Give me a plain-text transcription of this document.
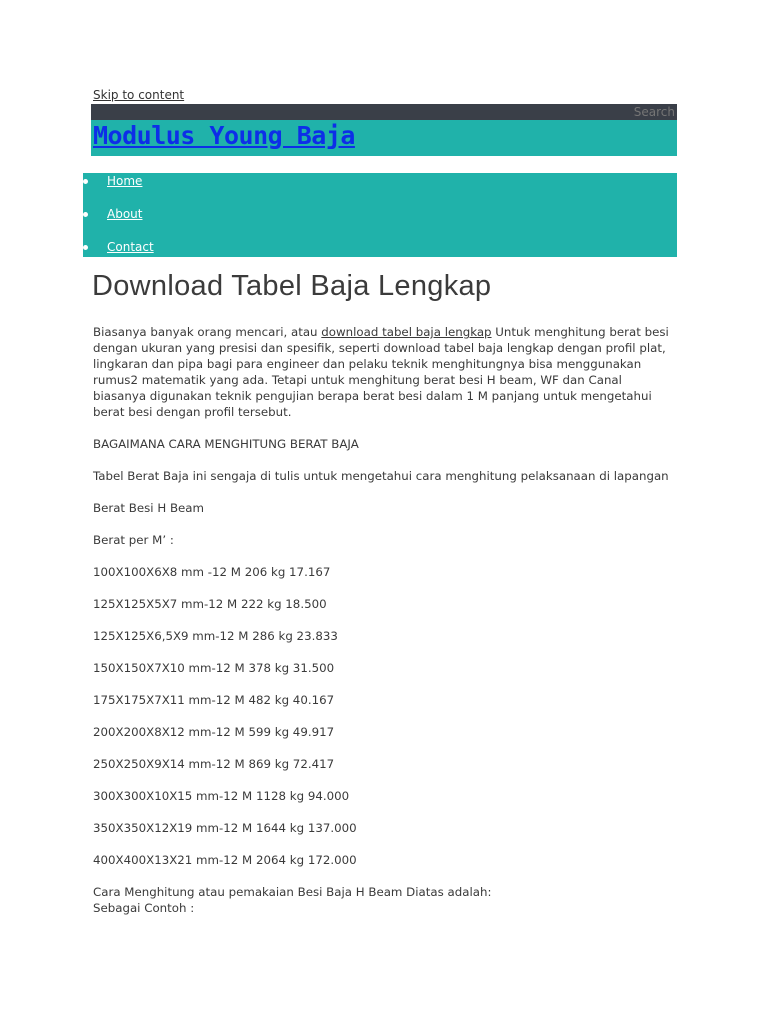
Skip to content
Search
Modulus Young Baja
Home
About
Contact
Download Tabel Baja Lengkap

Biasanya banyak orang mencari, atau download tabel baja lengkap Untuk menghitung berat besi dengan ukuran yang presisi dan spesifik, seperti download tabel baja lengkap dengan profil plat, lingkaran dan pipa bagi para engineer dan pelaku teknik menghitungnya bisa menggunakan rumus2 matematik yang ada. Tetapi untuk menghitung berat besi H beam, WF dan Canal biasanya digunakan teknik pengujian berapa berat besi dalam 1 M panjang untuk mengetahui berat besi dengan profil tersebut.

BAGAIMANA CARA MENGHITUNG BERAT BAJA

Tabel Berat Baja ini sengaja di tulis untuk mengetahui cara menghitung pelaksanaan di lapangan

Berat Besi H Beam

Berat per M’ :

100X100X6X8 mm -12 M 206 kg 17.167

125X125X5X7 mm-12 M 222 kg 18.500

125X125X6,5X9 mm-12 M 286 kg 23.833

150X150X7X10 mm-12 M 378 kg 31.500

175X175X7X11 mm-12 M 482 kg 40.167

200X200X8X12 mm-12 M 599 kg 49.917

250X250X9X14 mm-12 M 869 kg 72.417

300X300X10X15 mm-12 M 1128 kg 94.000

350X350X12X19 mm-12 M 1644 kg 137.000

400X400X13X21 mm-12 M 2064 kg 172.000

Cara Menghitung atau pemakaian Besi Baja H Beam Diatas adalah:
Sebagai Contoh :
